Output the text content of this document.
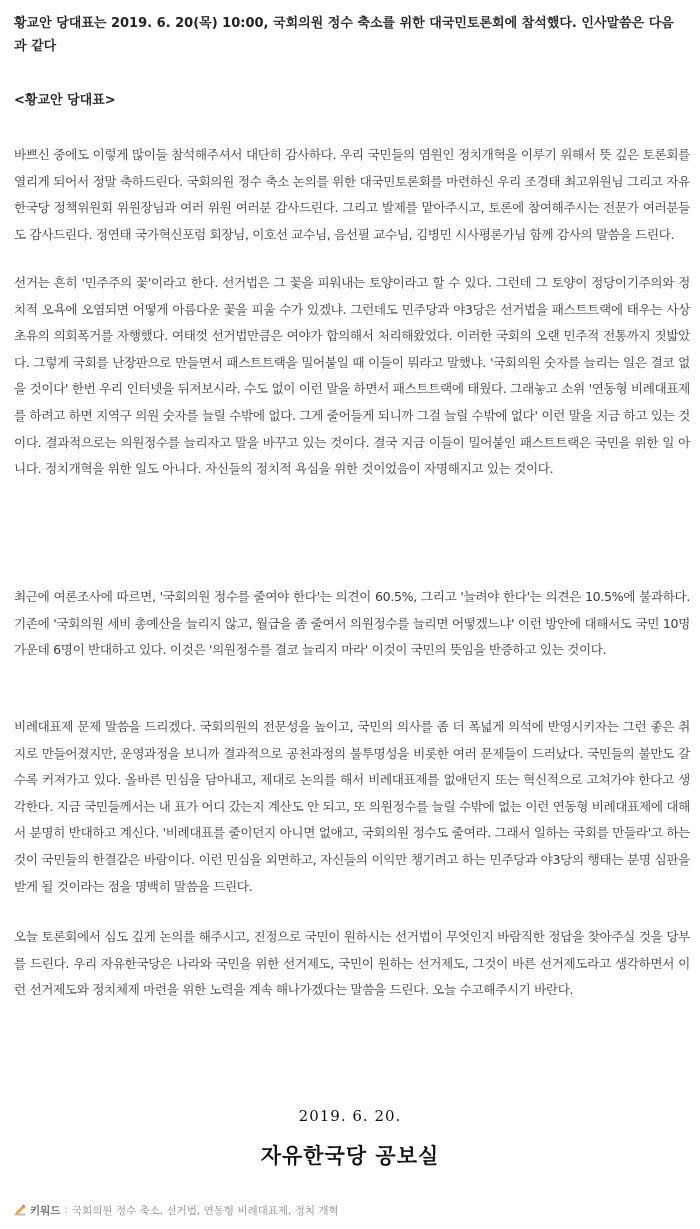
황교안 당대표는 2019. 6. 20(목) 10:00, 국회의원 정수 축소를 위한 대국민토론회에 참석했다. 인사말씀은 다음과 같다

<황교안 당대표>

바쁘신 중에도 이렇게 많이들 참석해주셔서 대단히 감사하다. 우리 국민들의 염원인 정치개혁을 이루기 위해서 뜻 깊은 토론회를 열리게 되어서 정말 축하드린다. 국회의원 정수 축소 논의를 위한 대국민토론회를 마련하신 우리 조경태 최고위원님 그리고 자유한국당 정책위원회 위원장님과 여러 위원 여러분 감사드린다. 그리고 발제를 맡아주시고, 토론에 참여해주시는 전문가 여러분들도 감사드린다. 정연태 국가혁신포럼 회장님, 이호선 교수님, 음선필 교수님, 김병민 시사평론가님 함께 감사의 말씀을 드린다.

선거는 흔히 '민주주의 꽃'이라고 한다. 선거법은 그 꽃을 피워내는 토양이라고 할 수 있다. 그런데 그 토양이 정당이기주의와 정치적 오욕에 오염되면 어떻게 아름다운 꽃을 피울 수가 있겠냐. 그런데도 민주당과 야3당은 선거법을 패스트트랙에 태우는 사상 초유의 의회폭거를 자행했다. 여태껏 선거법만큼은 여야가 합의해서 처리해왔었다. 이러한 국회의 오랜 민주적 전통까지 짓밟았다. 그렇게 국회를 난장판으로 만들면서 패스트트랙을 밀어붙일 때 이들이 뭐라고 말했냐. '국회의원 숫자를 늘리는 일은 결코 없을 것이다' 한번 우리 인터넷을 뒤져보시라. 수도 없이 이런 말을 하면서 패스트트랙에 태웠다. 그래놓고 소위 '연동형 비례대표제를 하려고 하면 지역구 의원 숫자를 늘릴 수밖에 없다. 그게 줄어들게 되니까 그걸 늘릴 수밖에 없다' 이런 말을 지금 하고 있는 것이다. 결과적으로는 의원정수를 늘리자고 말을 바꾸고 있는 것이다. 결국 지금 이들이 밀어붙인 패스트트랙은 국민을 위한 일 아니다. 정치개혁을 위한 일도 아니다. 자신들의 정치적 욕심을 위한 것이었음이 자명해지고 있는 것이다.

최근에 여론조사에 따르면, '국회의원 정수를 줄여야 한다'는 의견이 60.5%, 그리고 '늘려야 한다'는 의견은 10.5%에 불과하다. 기존에 '국회의원 세비 총예산을 늘리지 않고, 월급을 좀 줄여서 의원정수를 늘리면 어떻겠느냐' 이런 방안에 대해서도 국민 10명 가운데 6명이 반대하고 있다. 이것은 '의원정수를 결코 늘리지 마라' 이것이 국민의 뜻임을 반증하고 있는 것이다.

비례대표제 문제 말씀을 드리겠다. 국회의원의 전문성을 높이고, 국민의 의사를 좀 더 폭넓게 의석에 반영시키자는 그런 좋은 취지로 만들어졌지만, 운영과정을 보니까 결과적으로 공천과정의 불투명성을 비롯한 여러 문제들이 드러났다. 국민들의 불만도 갈수록 커져가고 있다. 올바른 민심을 담아내고, 제대로 논의를 해서 비례대표제를 없애던지 또는 혁신적으로 고쳐가야 한다고 생각한다. 지금 국민들께서는 내 표가 어디 갔는지 계산도 안 되고, 또 의원정수를 늘릴 수밖에 없는 이런 연동형 비례대표제에 대해서 분명히 반대하고 계신다. '비례대표를 줄이던지 아니면 없애고, 국회의원 정수도 줄여라. 그래서 일하는 국회를 만들라'고 하는 것이 국민들의 한결같은 바람이다. 이런 민심을 외면하고, 자신들의 이익만 챙기려고 하는 민주당과 야3당의 행태는 분명 심판을 받게 될 것이라는 점을 명백히 말씀을 드린다.

오늘 토론회에서 심도 깊게 논의를 해주시고, 진정으로 국민이 원하시는 선거법이 무엇인지 바람직한 정답을 찾아주실 것을 당부를 드린다. 우리 자유한국당은 나라와 국민을 위한 선거제도, 국민이 원하는 선거제도, 그것이 바른 선거제도라고 생각하면서 이런 선거제도와 정치체제 마련을 위한 노력을 계속 해나가겠다는 말씀을 드린다. 오늘 수고해주시기 바란다.

2019. 6. 20.

자유한국당 공보실

키워드 : 국회의원 정수 축소, 선거법, 연동형 비례대표제, 정치 개혁
